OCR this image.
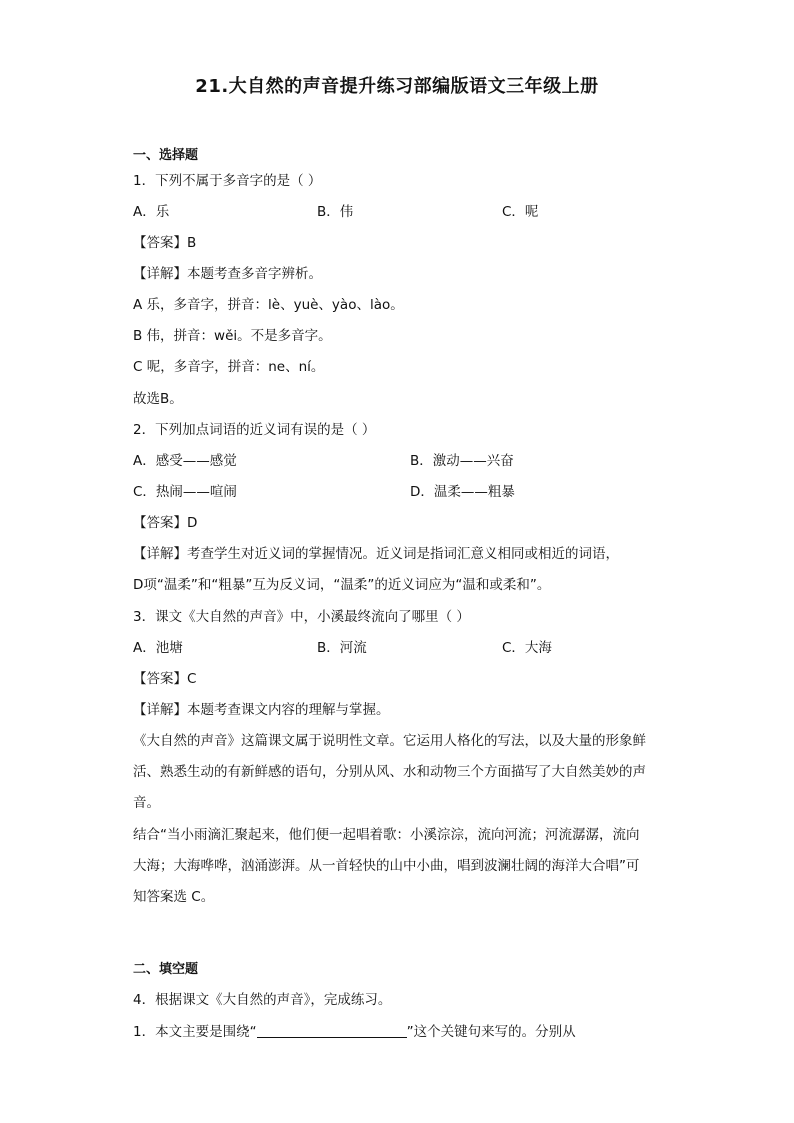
21.大自然的声音提升练习部编版语文三年级上册
一、选择题
1．下列不属于多音字的是（ ）
A．乐	B．伟	C．呢
【答案】B
【详解】本题考查多音字辨析。
A 乐，多音字，拼音：lè、yuè、yào、lào。
B 伟，拼音：wěi。不是多音字。
C 呢，多音字，拼音：ne、ní。
故选B。
2．下列加点词语的近义词有误的是（ ）
A．感受——感觉	B．激动——兴奋
C．热闹——喧闹	D．温柔——粗暴
【答案】D
【详解】考查学生对近义词的掌握情况。近义词是指词汇意义相同或相近的词语，
D项“温柔”和“粗暴”互为反义词，“温柔”的近义词应为“温和或柔和”。
3．课文《大自然的声音》中，小溪最终流向了哪里（ ）
A．池塘	B．河流	C．大海
【答案】C
【详解】本题考查课文内容的理解与掌握。
《大自然的声音》这篇课文属于说明性文章。它运用人格化的写法，以及大量的形象鲜
活、熟悉生动的有新鲜感的语句，分别从风、水和动物三个方面描写了大自然美妙的声
音。
结合“当小雨滴汇聚起来，他们便一起唱着歌：小溪淙淙，流向河流；河流潺潺，流向
大海；大海哗哗，汹涌澎湃。从一首轻快的山中小曲，唱到波澜壮阔的海洋大合唱”可
知答案选 C。
二、填空题
4．根据课文《大自然的声音》，完成练习。
1．本文主要是围绕“	”这个关键句来写的。分别从
